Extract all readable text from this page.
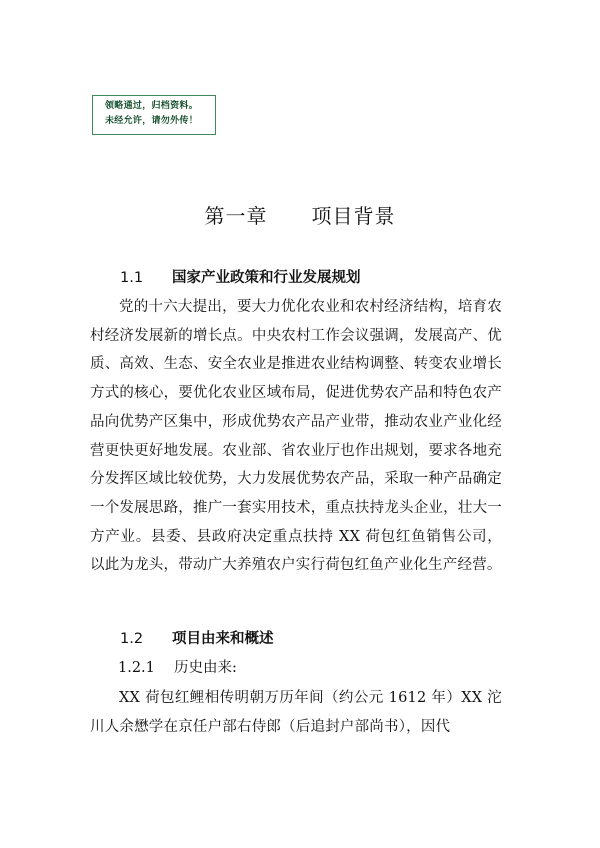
领略通过，归档资料。
未经允许，请勿外传！
第一章 项目背景
1.1 国家产业政策和行业发展规划
党的十六大提出，要大力优化农业和农村经济结构，培育农村经济发展新的增长点。中央农村工作会议强调，发展高产、优质、高效、生态、安全农业是推进农业结构调整、转变农业增长方式的核心，要优化农业区域布局，促进优势农产品和特色农产品向优势产区集中，形成优势农产品产业带，推动农业产业化经营更快更好地发展。农业部、省农业厅也作出规划，要求各地充分发挥区域比较优势，大力发展优势农产品，采取一种产品确定一个发展思路，推广一套实用技术，重点扶持龙头企业，壮大一方产业。县委、县政府决定重点扶持 XX 荷包红鱼销售公司，以此为龙头，带动广大养殖农户实行荷包红鱼产业化生产经营。
1.2 项目由来和概述
1.2.1 历史由来:
XX 荷包红鲤相传明朝万历年间（约公元 1612 年）XX 沱川人余懋学在京任户部右侍郎（后追封户部尚书），因代
